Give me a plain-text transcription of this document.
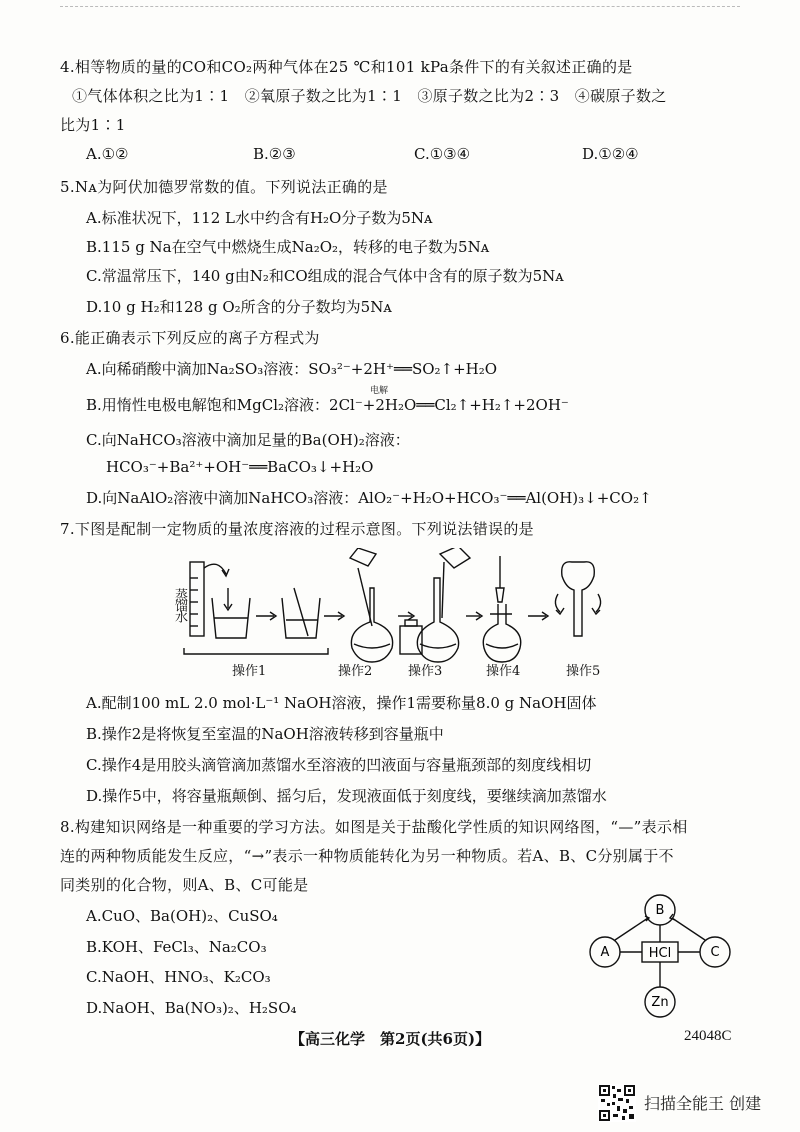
4.相等物质的量的CO和CO₂两种气体在25 ℃和101 kPa条件下的有关叙述正确的是
①气体体积之比为1∶1　②氧原子数之比为1∶1　③原子数之比为2∶3　④碳原子数之
比为1∶1
A.①②	B.②③	C.①③④	D.①②④
5.Nᴀ为阿伏加德罗常数的值。下列说法正确的是
A.标准状况下，112 L水中约含有H₂O分子数为5Nᴀ
B.115 g Na在空气中燃烧生成Na₂O₂，转移的电子数为5Nᴀ
C.常温常压下，140 g由N₂和CO组成的混合气体中含有的原子数为5Nᴀ
D.10 g H₂和128 g O₂所含的分子数均为5Nᴀ
6.能正确表示下列反应的离子方程式为
A.向稀硝酸中滴加Na₂SO₃溶液：SO₃²⁻+2H⁺══SO₂↑+H₂O
B.用惰性电极电解饱和MgCl₂溶液：2Cl⁻+2H₂O══Cl₂↑+H₂↑+2OH⁻
电解
C.向NaHCO₃溶液中滴加足量的Ba(OH)₂溶液：
HCO₃⁻+Ba²⁺+OH⁻══BaCO₃↓+H₂O
D.向NaAlO₂溶液中滴加NaHCO₃溶液：AlO₂⁻+H₂O+HCO₃⁻══Al(OH)₃↓+CO₂↑
7.下图是配制一定物质的量浓度溶液的过程示意图。下列说法错误的是
蒸馏水
操作1	操作2	操作3	操作4	操作5
A.配制100 mL 2.0 mol·L⁻¹ NaOH溶液，操作1需要称量8.0 g NaOH固体
B.操作2是将恢复至室温的NaOH溶液转移到容量瓶中
C.操作4是用胶头滴管滴加蒸馏水至溶液的凹液面与容量瓶颈部的刻度线相切
D.操作5中，将容量瓶颠倒、摇匀后，发现液面低于刻度线，要继续滴加蒸馏水
8.构建知识网络是一种重要的学习方法。如图是关于盐酸化学性质的知识网络图，“—”表示相
连的两种物质能发生反应，“→”表示一种物质能转化为另一种物质。若A、B、C分别属于不
同类别的化合物，则A、B、C可能是
A.CuO、Ba(OH)₂、CuSO₄
B.KOH、FeCl₃、Na₂CO₃
C.NaOH、HNO₃、K₂CO₃
D.NaOH、Ba(NO₃)₂、H₂SO₄
B
A	C
HCl
Zn
【高三化学　第2页(共6页)】	24048C
扫描全能王 创建
